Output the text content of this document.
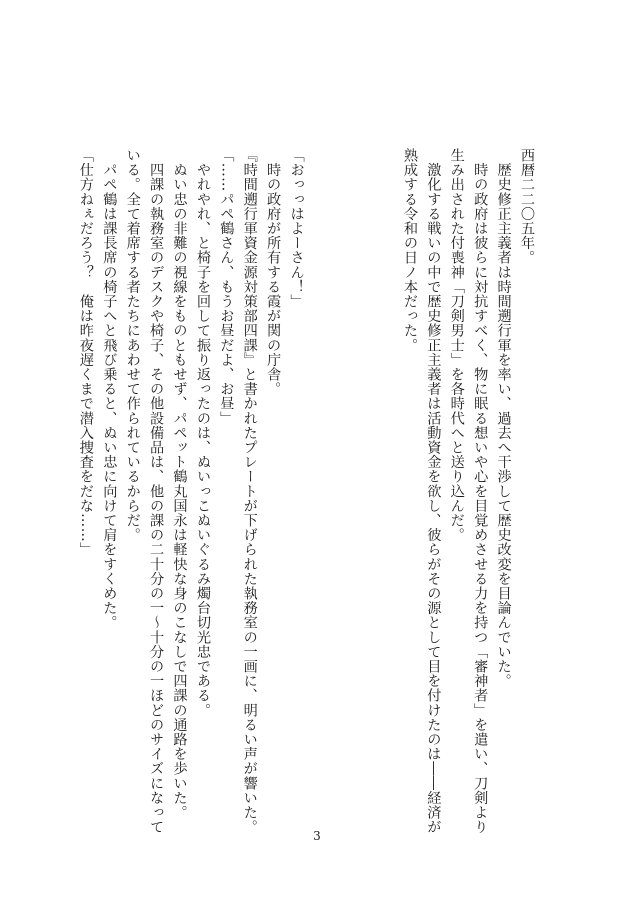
西暦二二〇五年。
　歴史修正主義者は時間遡行軍を率い、過去へ干渉して歴史改変を目論んでいた。
　時の政府は彼らに対抗すべく、物に眠る想いや心を目覚めさせる力を持つ「審神者」を遣い、刀剣より
生み出された付喪神「刀剣男士」を各時代へと送り込んだ。
　激化する戦いの中で歴史修正主義者は活動資金を欲し、彼らがその源として目を付けたのは――経済が
熟成する令和の日ノ本だった。
「おっっはよーさん！」
　時の政府が所有する霞が関の庁舎。
『時間遡行軍資金源対策部四課』と書かれたプレートが下げられた執務室の一画に、明るい声が響いた。
「……パペ鶴さん、もうお昼だよ、お昼」
　やれやれ、と椅子を回して振り返ったのは、ぬいっこぬいぐるみ燭台切光忠である。
　ぬい忠の非難の視線をものともせず、パペット鶴丸国永は軽快な身のこなしで四課の通路を歩いた。
　四課の執務室のデスクや椅子、その他設備品は、他の課の二十分の一～十分の一ほどのサイズになって
いる。全て着席する者たちにあわせて作られているからだ。
　パペ鶴は課長席の椅子へと飛び乗ると、ぬい忠に向けて肩をすくめた。
「仕方ねぇだろう？　俺は昨夜遅くまで潜入捜査をだな……」
3
